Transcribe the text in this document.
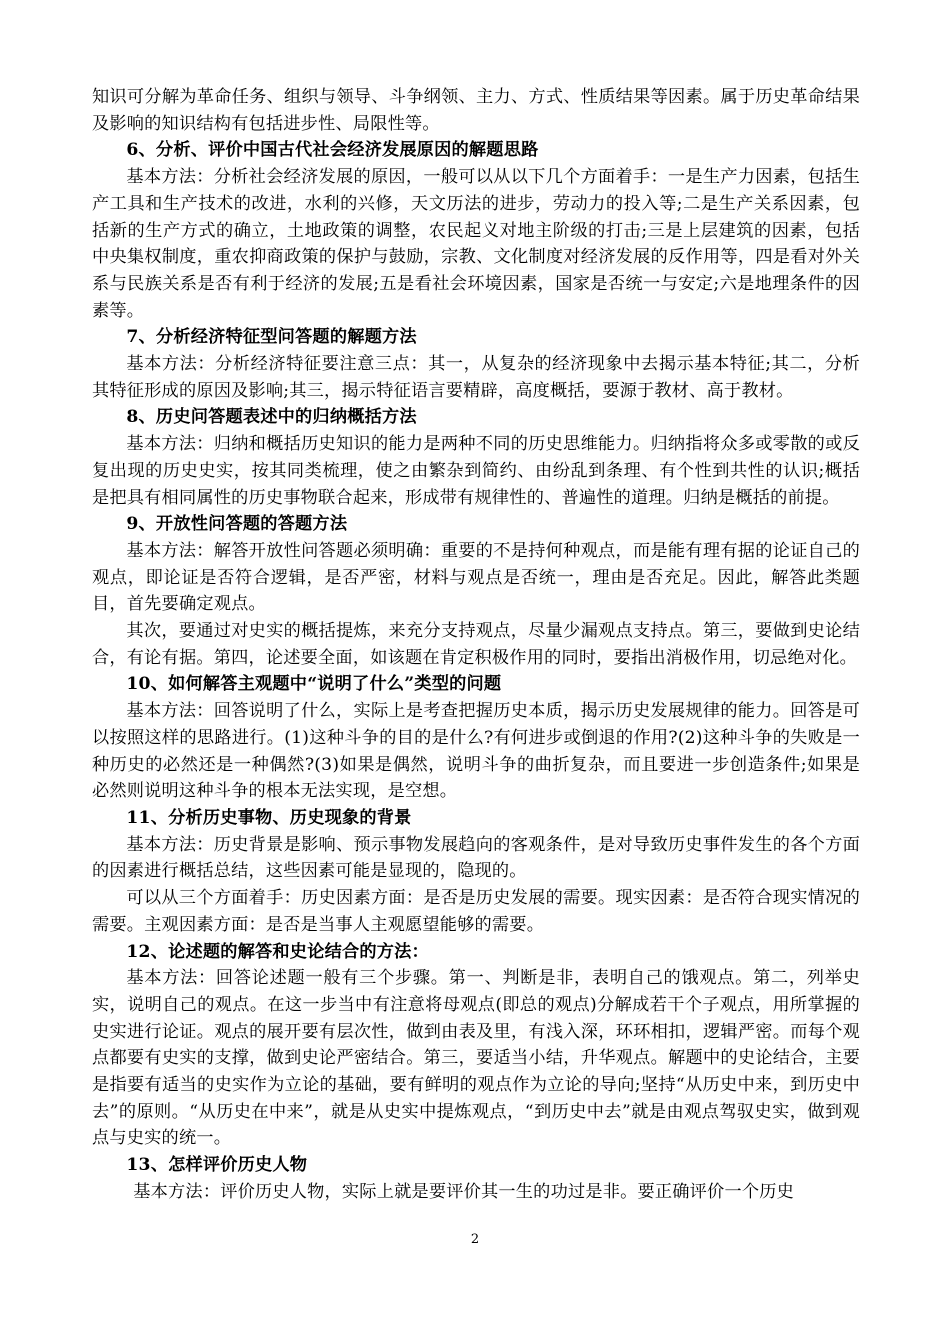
知识可分解为革命任务、组织与领导、斗争纲领、主力、方式、性质结果等因素。属于历史革命结果及影响的知识结构有包括进步性、局限性等。

6、分析、评价中国古代社会经济发展原因的解题思路

基本方法：分析社会经济发展的原因，一般可以从以下几个方面着手：一是生产力因素，包括生产工具和生产技术的改进，水利的兴修，天文历法的进步，劳动力的投入等;二是生产关系因素，包括新的生产方式的确立，土地政策的调整，农民起义对地主阶级的打击;三是上层建筑的因素，包括中央集权制度，重农抑商政策的保护与鼓励，宗教、文化制度对经济发展的反作用等，四是看对外关系与民族关系是否有利于经济的发展;五是看社会环境因素，国家是否统一与安定;六是地理条件的因素等。

7、分析经济特征型问答题的解题方法

基本方法：分析经济特征要注意三点：其一，从复杂的经济现象中去揭示基本特征;其二，分析其特征形成的原因及影响;其三，揭示特征语言要精辟，高度概括，要源于教材、高于教材。

8、历史问答题表述中的归纳概括方法

基本方法：归纳和概括历史知识的能力是两种不同的历史思维能力。归纳指将众多或零散的或反复出现的历史史实，按其同类梳理，使之由繁杂到简约、由纷乱到条理、有个性到共性的认识;概括是把具有相同属性的历史事物联合起来，形成带有规律性的、普遍性的道理。归纳是概括的前提。

9、开放性问答题的答题方法

基本方法：解答开放性问答题必须明确：重要的不是持何种观点，而是能有理有据的论证自己的观点，即论证是否符合逻辑，是否严密，材料与观点是否统一，理由是否充足。因此，解答此类题目，首先要确定观点。

其次，要通过对史实的概括提炼，来充分支持观点，尽量少漏观点支持点。第三，要做到史论结合，有论有据。第四，论述要全面，如该题在肯定积极作用的同时，要指出消极作用，切忌绝对化。

10、如何解答主观题中“说明了什么”类型的问题

基本方法：回答说明了什么，实际上是考查把握历史本质，揭示历史发展规律的能力。回答是可以按照这样的思路进行。(1)这种斗争的目的是什么?有何进步或倒退的作用?(2)这种斗争的失败是一种历史的必然还是一种偶然?(3)如果是偶然，说明斗争的曲折复杂，而且要进一步创造条件;如果是必然则说明这种斗争的根本无法实现，是空想。

11、分析历史事物、历史现象的背景

基本方法：历史背景是影响、预示事物发展趋向的客观条件，是对导致历史事件发生的各个方面的因素进行概括总结，这些因素可能是显现的，隐现的。

可以从三个方面着手：历史因素方面：是否是历史发展的需要。现实因素：是否符合现实情况的需要。主观因素方面：是否是当事人主观愿望能够的需要。

12、论述题的解答和史论结合的方法：

基本方法：回答论述题一般有三个步骤。第一、判断是非，表明自己的饿观点。第二，列举史实，说明自己的观点。在这一步当中有注意将母观点(即总的观点)分解成若干个子观点，用所掌握的史实进行论证。观点的展开要有层次性，做到由表及里，有浅入深，环环相扣，逻辑严密。而每个观点都要有史实的支撑，做到史论严密结合。第三，要适当小结，升华观点。解题中的史论结合，主要是指要有适当的史实作为立论的基础，要有鲜明的观点作为立论的导向;坚持“从历史中来，到历史中去”的原则。“从历史在中来”，就是从史实中提炼观点，“到历史中去”就是由观点驾驭史实，做到观点与史实的统一。

13、怎样评价历史人物

基本方法：评价历史人物，实际上就是要评价其一生的功过是非。要正确评价一个历史

2
